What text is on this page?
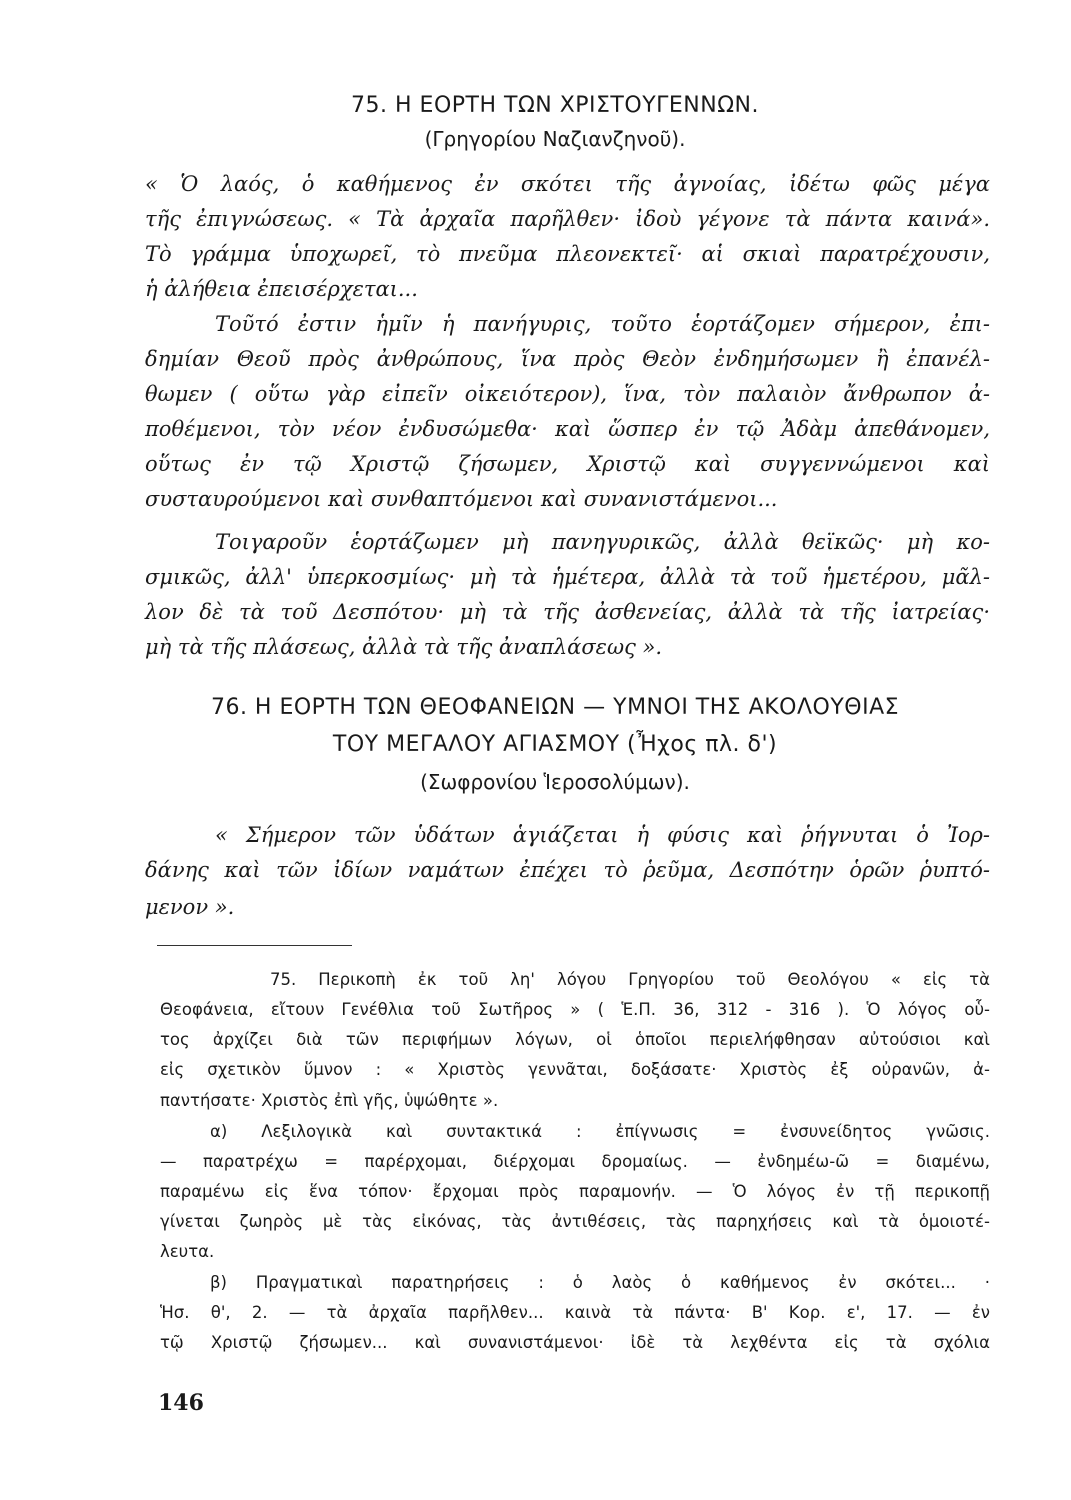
75. Η ΕΟΡΤΗ ΤΩΝ ΧΡΙΣΤΟΥΓΕΝΝΩΝ.
(Γρηγορίου Ναζιανζηνοῦ).
« Ὁ λαός, ὁ καθήμενος ἐν σκότει τῆς ἀγνοίας, ἰδέτω φῶς μέγα
τῆς ἐπιγνώσεως. « Τὰ ἀρχαῖα παρῆλθεν· ἰδοὺ γέγονε τὰ πάντα καινά».
Τὸ γράμμα ὑποχωρεῖ, τὸ πνεῦμα πλεονεκτεῖ· αἱ σκιαὶ παρατρέχουσιν,
ἡ ἀλήθεια ἐπεισέρχεται...
Τοῦτό ἐστιν ἡμῖν ἡ πανήγυρις, τοῦτο ἑορτάζομεν σήμερον, ἐπι-
δημίαν Θεοῦ πρὸς ἀνθρώπους, ἵνα πρὸς Θεὸν ἐνδημήσωμεν ἢ ἐπανέλ-
θωμεν ( οὕτω γὰρ εἰπεῖν οἰκειότερον), ἵνα, τὸν παλαιὸν ἄνθρωπον ἀ-
ποθέμενοι, τὸν νέον ἐνδυσώμεθα· καὶ ὥσπερ ἐν τῷ Ἀδὰμ ἀπεθάνομεν,
οὕτως ἐν τῷ Χριστῷ ζήσωμεν, Χριστῷ καὶ συγγεννώμενοι καὶ
συσταυρούμενοι καὶ συνθαπτόμενοι καὶ συνανιστάμενοι...
Τοιγαροῦν ἑορτάζωμεν μὴ πανηγυρικῶς, ἀλλὰ θεϊκῶς· μὴ κο-
σμικῶς, ἀλλ' ὑπερκοσμίως· μὴ τὰ ἡμέτερα, ἀλλὰ τὰ τοῦ ἡμετέρου, μᾶλ-
λον δὲ τὰ τοῦ Δεσπότου· μὴ τὰ τῆς ἀσθενείας, ἀλλὰ τὰ τῆς ἰατρείας·
μὴ τὰ τῆς πλάσεως, ἀλλὰ τὰ τῆς ἀναπλάσεως ».
76. Η ΕΟΡΤΗ ΤΩΝ ΘΕΟΦΑΝΕΙΩΝ — ΥΜΝΟΙ ΤΗΣ ΑΚΟΛΟΥΘΙΑΣ
ΤΟΥ ΜΕΓΑΛΟΥ ΑΓΙΑΣΜΟΥ (Ἦχος πλ. δ')
(Σωφρονίου Ἱεροσολύμων).
« Σήμερον τῶν ὑδάτων ἁγιάζεται ἡ φύσις καὶ ῥήγνυται ὁ Ἰορ-
δάνης καὶ τῶν ἰδίων ναμάτων ἐπέχει τὸ ῥεῦμα, Δεσπότην ὁρῶν ῥυπτό-
μενον ».
75. Περικοπὴ ἐκ τοῦ λη' λόγου Γρηγορίου τοῦ Θεολόγου « εἰς τὰ
Θεοφάνεια, εἴτουν Γενέθλια τοῦ Σωτῆρος » ( Ἑ.Π. 36, 312 - 316 ). Ὁ λόγος οὗ-
τος ἀρχίζει διὰ τῶν περιφήμων λόγων, οἱ ὁποῖοι περιελήφθησαν αὐτούσιοι καὶ
εἰς σχετικὸν ὕμνον : « Χριστὸς γεννᾶται, δοξάσατε· Χριστὸς ἐξ οὐρανῶν, ἀ-
παντήσατε· Χριστὸς ἐπὶ γῆς, ὑψώθητε ».
α) Λεξιλογικὰ καὶ συντακτικά : ἐπίγνωσις = ἐνσυνείδητος γνῶσις.
— παρατρέχω = παρέρχομαι, διέρχομαι δρομαίως. — ἐνδημέω-ῶ = διαμένω,
παραμένω εἰς ἕνα τόπον· ἔρχομαι πρὸς παραμονήν. — Ὁ λόγος ἐν τῇ περικοπῇ
γίνεται ζωηρὸς μὲ τὰς εἰκόνας, τὰς ἀντιθέσεις, τὰς παρηχήσεις καὶ τὰ ὁμοιοτέ-
λευτα.
β) Πραγματικαὶ παρατηρήσεις : ὁ λαὸς ὁ καθήμενος ἐν σκότει... ·
Ἡσ. θ', 2. — τὰ ἀρχαῖα παρῆλθεν... καινὰ τὰ πάντα· Β' Κορ. ε', 17. — ἐν
τῷ Χριστῷ ζήσωμεν... καὶ συνανιστάμενοι· ἰδὲ τὰ λεχθέντα εἰς τὰ σχόλια
146
